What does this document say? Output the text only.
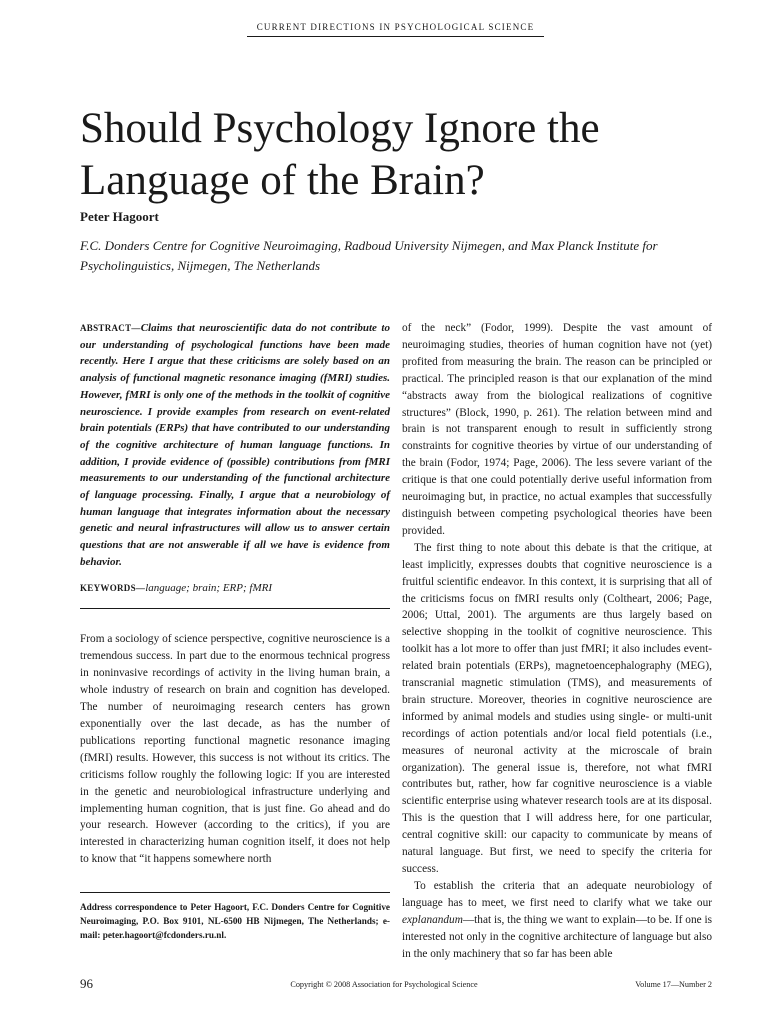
CURRENT DIRECTIONS IN PSYCHOLOGICAL SCIENCE
Should Psychology Ignore the Language of the Brain?
Peter Hagoort
F.C. Donders Centre for Cognitive Neuroimaging, Radboud University Nijmegen, and Max Planck Institute for Psycholinguistics, Nijmegen, The Netherlands
ABSTRACT—Claims that neuroscientific data do not contribute to our understanding of psychological functions have been made recently. Here I argue that these criticisms are solely based on an analysis of functional magnetic resonance imaging (fMRI) studies. However, fMRI is only one of the methods in the toolkit of cognitive neuroscience. I provide examples from research on event-related brain potentials (ERPs) that have contributed to our understanding of the cognitive architecture of human language functions. In addition, I provide evidence of (possible) contributions from fMRI measurements to our understanding of the functional architecture of language processing. Finally, I argue that a neurobiology of human language that integrates information about the necessary genetic and neural infrastructures will allow us to answer certain questions that are not answerable if all we have is evidence from behavior.
KEYWORDS—language; brain; ERP; fMRI

From a sociology of science perspective, cognitive neuroscience is a tremendous success. In part due to the enormous technical progress in noninvasive recordings of activity in the living human brain, a whole industry of research on brain and cognition has developed. The number of neuroimaging research centers has grown exponentially over the last decade, as has the number of publications reporting functional magnetic resonance imaging (fMRI) results. However, this success is not without its critics. The criticisms follow roughly the following logic: If you are interested in the genetic and neurobiological infrastructure underlying and implementing human cognition, that is just fine. Go ahead and do your research. However (according to the critics), if you are interested in characterizing human cognition itself, it does not help to know that “it happens somewhere north

of the neck” (Fodor, 1999). Despite the vast amount of neuroimaging studies, theories of human cognition have not (yet) profited from measuring the brain. The reason can be principled or practical. The principled reason is that our explanation of the mind “abstracts away from the biological realizations of cognitive structures” (Block, 1990, p. 261). The relation between mind and brain is not transparent enough to result in sufficiently strong constraints for cognitive theories by virtue of our understanding of the brain (Fodor, 1974; Page, 2006). The less severe variant of the critique is that one could potentially derive useful information from neuroimaging but, in practice, no actual examples that successfully distinguish between competing psychological theories have been provided.

The first thing to note about this debate is that the critique, at least implicitly, expresses doubts that cognitive neuroscience is a fruitful scientific endeavor. In this context, it is surprising that all of the criticisms focus on fMRI results only (Coltheart, 2006; Page, 2006; Uttal, 2001). The arguments are thus largely based on selective shopping in the toolkit of cognitive neuroscience. This toolkit has a lot more to offer than just fMRI; it also includes event-related brain potentials (ERPs), magnetoencephalography (MEG), transcranial magnetic stimulation (TMS), and measurements of brain structure. Moreover, theories in cognitive neuroscience are informed by animal models and studies using single- or multi-unit recordings of action potentials and/or local field potentials (i.e., measures of neuronal activity at the microscale of brain organization). The general issue is, therefore, not what fMRI contributes but, rather, how far cognitive neuroscience is a viable scientific enterprise using whatever research tools are at its disposal. This is the question that I will address here, for one particular, central cognitive skill: our capacity to communicate by means of natural language. But first, we need to specify the criteria for success.

To establish the criteria that an adequate neurobiology of language has to meet, we first need to clarify what we take our explanandum—that is, the thing we want to explain—to be. If one is interested not only in the cognitive architecture of language but also in the only machinery that so far has been able

Address correspondence to Peter Hagoort, F.C. Donders Centre for Cognitive Neuroimaging, P.O. Box 9101, NL-6500 HB Nijmegen, The Netherlands; e-mail: peter.hagoort@fcdonders.ru.nl.
96	Copyright © 2008 Association for Psychological Science	Volume 17—Number 2
